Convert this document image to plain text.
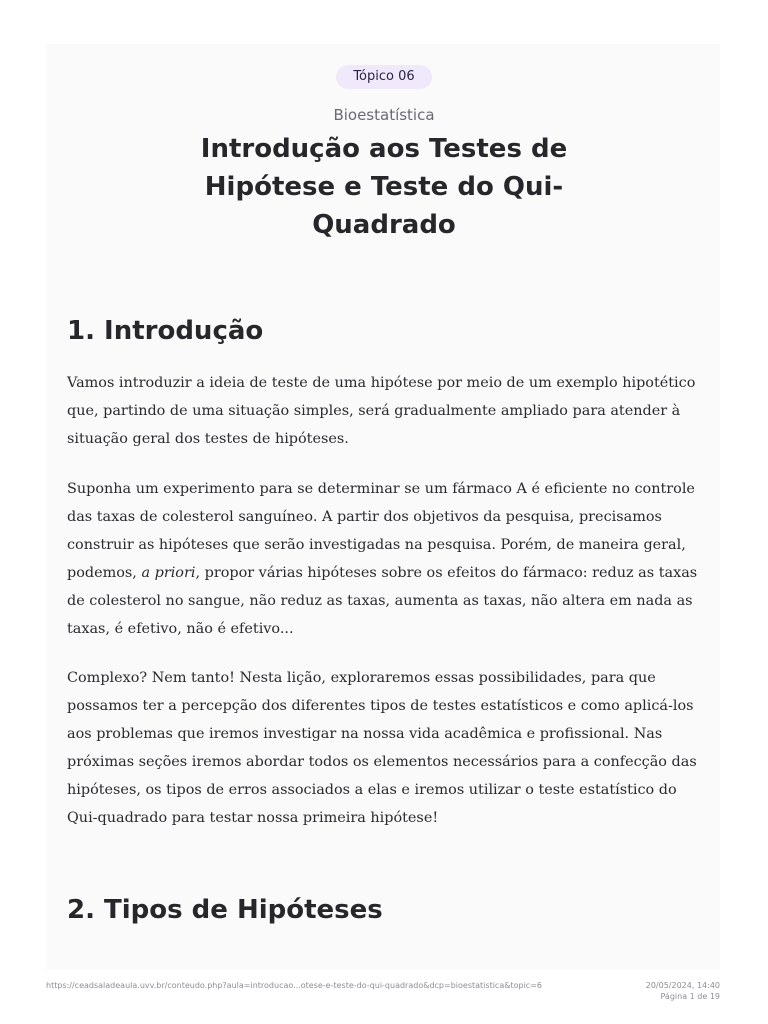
Tópico 06
Bioestatística
Introdução aos Testes de Hipótese e Teste do Qui-Quadrado
1. Introdução

Vamos introduzir a ideia de teste de uma hipótese por meio de um exemplo hipotético que, partindo de uma situação simples, será gradualmente ampliado para atender à situação geral dos testes de hipóteses.

Suponha um experimento para se determinar se um fármaco A é eficiente no controle das taxas de colesterol sanguíneo. A partir dos objetivos da pesquisa, precisamos construir as hipóteses que serão investigadas na pesquisa. Porém, de maneira geral, podemos, a priori, propor várias hipóteses sobre os efeitos do fármaco: reduz as taxas de colesterol no sangue, não reduz as taxas, aumenta as taxas, não altera em nada as taxas, é efetivo, não é efetivo...

Complexo? Nem tanto! Nesta lição, exploraremos essas possibilidades, para que possamos ter a percepção dos diferentes tipos de testes estatísticos e como aplicá-los aos problemas que iremos investigar na nossa vida acadêmica e profissional. Nas próximas seções iremos abordar todos os elementos necessários para a confecção das hipóteses, os tipos de erros associados a elas e iremos utilizar o teste estatístico do Qui-quadrado para testar nossa primeira hipótese!

2. Tipos de Hipóteses
https://ceadsaladeaula.uvv.br/conteudo.php?aula=introducao...otese-e-teste-do-qui-quadrado&dcp=bioestatistica&topic=6	20/05/2024, 14:40
Página 1 de 19
